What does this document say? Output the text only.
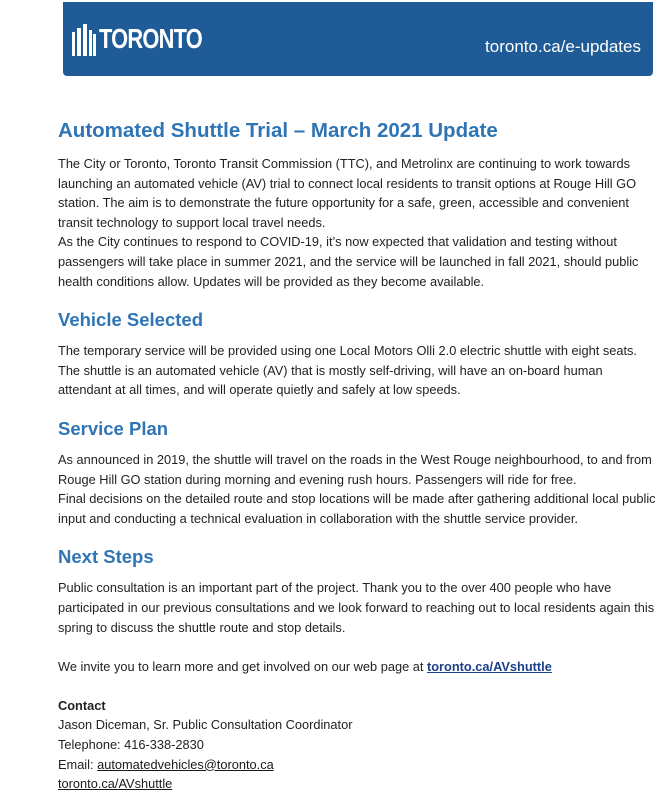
TORONTO	toronto.ca/e-updates
Automated Shuttle Trial – March 2021 Update

The City or Toronto, Toronto Transit Commission (TTC), and Metrolinx are continuing to work towards launching an automated vehicle (AV) trial to connect local residents to transit options at Rouge Hill GO station. The aim is to demonstrate the future opportunity for a safe, green, accessible and convenient transit technology to support local travel needs.

As the City continues to respond to COVID-19, it’s now expected that validation and testing without passengers will take place in summer 2021, and the service will be launched in fall 2021, should public health conditions allow. Updates will be provided as they become available.

Vehicle Selected

The temporary service will be provided using one Local Motors Olli 2.0 electric shuttle with eight seats. The shuttle is an automated vehicle (AV) that is mostly self-driving, will have an on-board human attendant at all times, and will operate quietly and safely at low speeds.

Service Plan

As announced in 2019, the shuttle will travel on the roads in the West Rouge neighbourhood, to and from Rouge Hill GO station during morning and evening rush hours. Passengers will ride for free.

Final decisions on the detailed route and stop locations will be made after gathering additional local public input and conducting a technical evaluation in collaboration with the shuttle service provider.

Next Steps

Public consultation is an important part of the project. Thank you to the over 400 people who have participated in our previous consultations and we look forward to reaching out to local residents again this spring to discuss the shuttle route and stop details.

We invite you to learn more and get involved on our web page at toronto.ca/AVshuttle

Contact

Jason Diceman, Sr. Public Consultation Coordinator

Telephone: 416-338-2830

Email: automatedvehicles@toronto.ca

toronto.ca/AVshuttle
